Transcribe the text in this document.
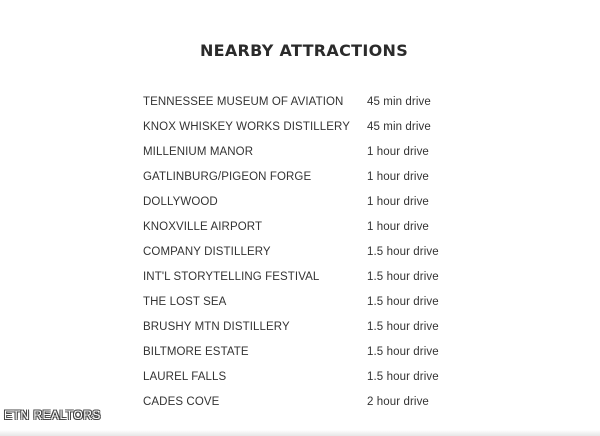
NEARBY ATTRACTIONS
TENNESSEE MUSEUM OF AVIATION	45 min drive
KNOX WHISKEY WORKS DISTILLERY	45 min drive
MILLENIUM MANOR	1 hour drive
GATLINBURG/PIGEON FORGE	1 hour drive
DOLLYWOOD	1 hour drive
KNOXVILLE AIRPORT	1 hour drive
COMPANY DISTILLERY	1.5 hour drive
INT'L STORYTELLING FESTIVAL	1.5 hour drive
THE LOST SEA	1.5 hour drive
BRUSHY MTN DISTILLERY	1.5 hour drive
BILTMORE ESTATE	1.5 hour drive
LAUREL FALLS	1.5 hour drive
CADES COVE	2 hour drive
ETN REALTORS
